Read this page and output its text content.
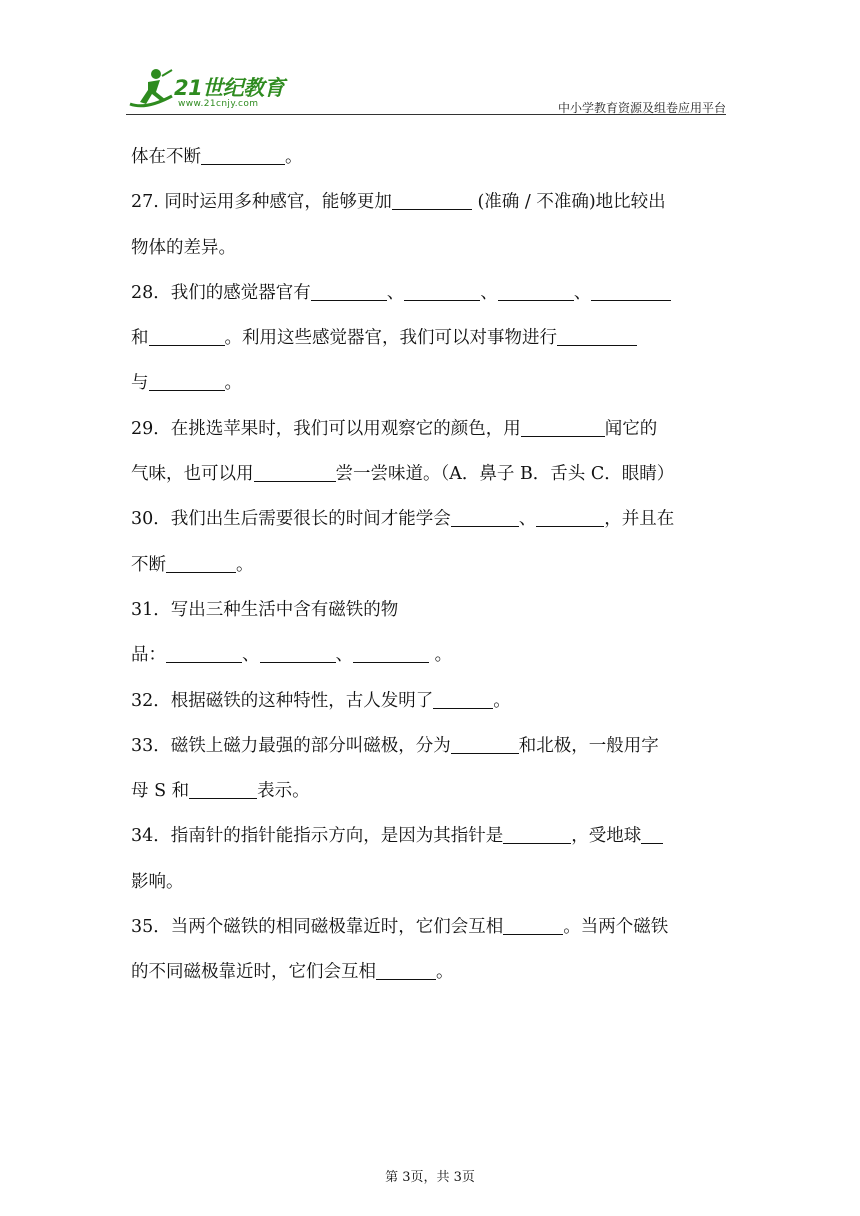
21世纪教育
www.21cnjy.com	中小学教育资源及组卷应用平台
体在不断	。
27. 同时运用多种感官，能够更加	(准确 / 不准确)地比较出
物体的差异。
28．我们的感觉器官有	、	、	、
和	。利用这些感觉器官，我们可以对事物进行
与	。
29．在挑选苹果时，我们可以用观察它的颜色，用	闻它的
气味，也可以用	尝一尝味道。（A．鼻子 B．舌头 C．眼睛）
30．我们出生后需要很长的时间才能学会	、	，并且在
不断	。
31．写出三种生活中含有磁铁的物
品：	、	、	。
32．根据磁铁的这种特性，古人发明了	。
33．磁铁上磁力最强的部分叫磁极，分为	和北极，一般用字
母 S 和	表示。
34．指南针的指针能指示方向，是因为其指针是	，受地球
影响。
35．当两个磁铁的相同磁极靠近时，它们会互相	。当两个磁铁
的不同磁极靠近时，它们会互相	。
第 3页，共 3页
